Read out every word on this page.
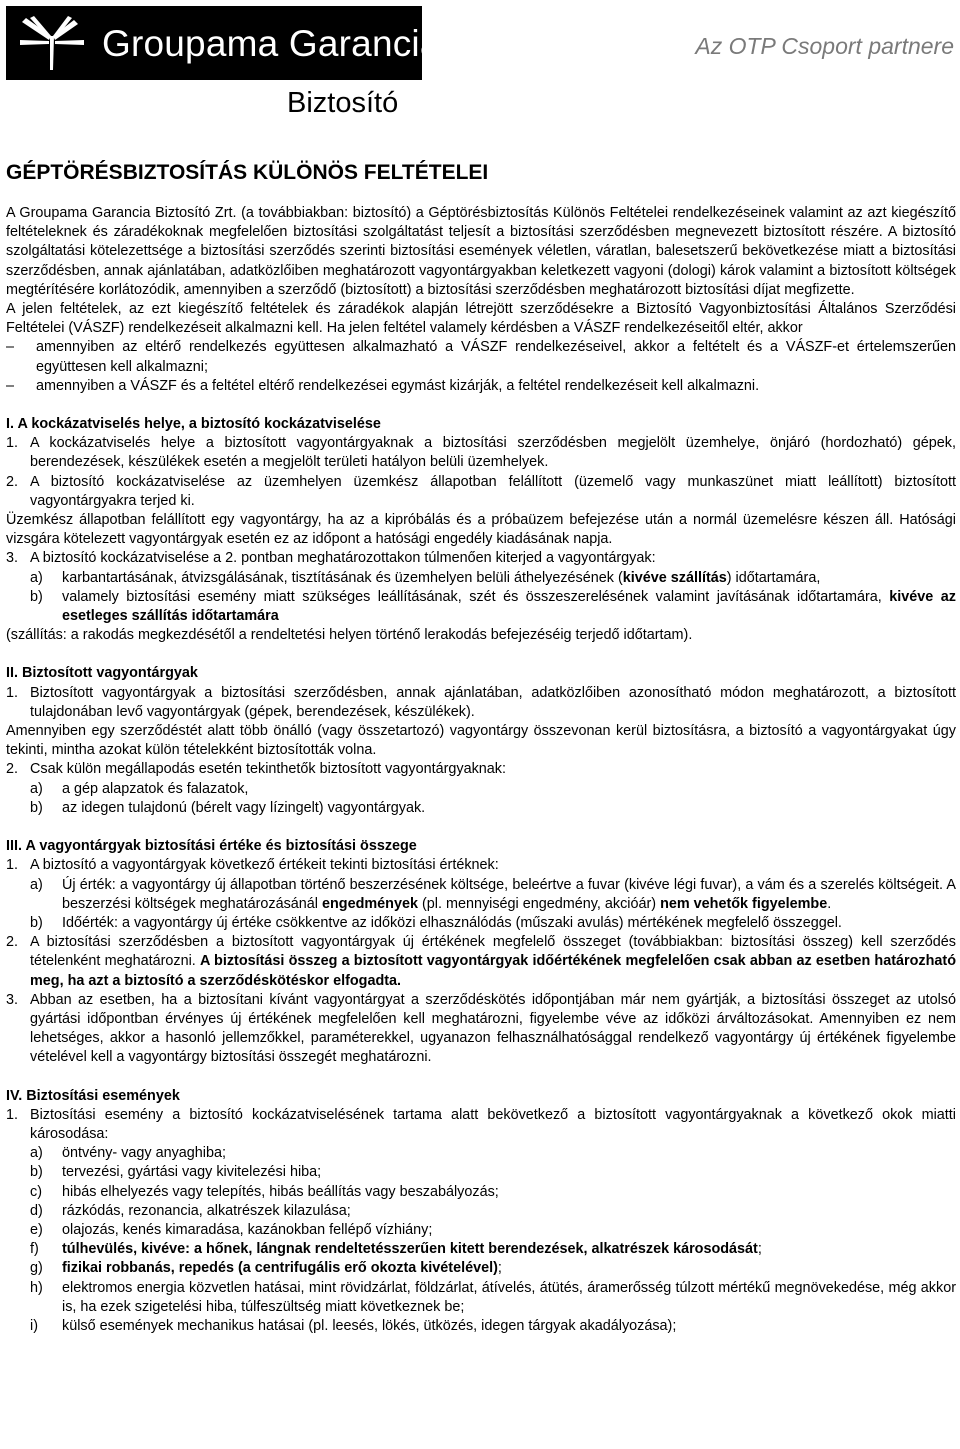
Groupama Garancia	Az OTP Csoport partnere
Biztosító
GÉPTÖRÉSBIZTOSÍTÁS KÜLÖNÖS FELTÉTELEI

A Groupama Garancia Biztosító Zrt. (a továbbiakban: biztosító) a Géptörésbiztosítás Különös Feltételei rendelkezéseinek valamint az azt kiegészítő feltételeknek és záradékoknak megfelelően biztosítási szolgáltatást teljesít a biztosítási szerződésben megnevezett biztosított részére. A biztosító szolgáltatási kötelezettsége a biztosítási szerződés szerinti biztosítási események véletlen, váratlan, balesetszerű bekövetkezése miatt a biztosítási szerződésben, annak ajánlatában, adatközlőiben meghatározott vagyontárgyakban keletkezett vagyoni (dologi) károk valamint a biztosított költségek megtérítésére korlátozódik, amennyiben a szerződő (biztosított) a biztosítási szerződésben meghatározott biztosítási díjat megfizette.

A jelen feltételek, az ezt kiegészítő feltételek és záradékok alapján létrejött szerződésekre a Biztosító Vagyonbiztosítási Általános Szerződési Feltételei (VÁSZF) rendelkezéseit alkalmazni kell. Ha jelen feltétel valamely kérdésben a VÁSZF rendelkezéseitől eltér, akkor

–	amennyiben az eltérő rendelkezés együttesen alkalmazható a VÁSZF rendelkezéseivel, akkor a feltételt és a VÁSZF-et értelemszerűen együttesen kell alkalmazni;
–	amennyiben a VÁSZF és a feltétel eltérő rendelkezései egymást kizárják, a feltétel rendelkezéseit kell alkalmazni.

I. A kockázatviselés helye, a biztosító kockázatviselése

1. A kockázatviselés helye a biztosított vagyontárgyaknak a biztosítási szerződésben megjelölt üzemhelye, önjáró (hordozható) gépek, berendezések, készülékek esetén a megjelölt területi hatályon belüli üzemhelyek.
2. A biztosító kockázatviselése az üzemhelyen üzemkész állapotban felállított (üzemelő vagy munkaszünet miatt leállított) biztosított vagyontárgyakra terjed ki.

Üzemkész állapotban felállított egy vagyontárgy, ha az a kipróbálás és a próbaüzem befejezése után a normál üzemelésre készen áll. Hatósági vizsgára kötelezett vagyontárgyak esetén ez az időpont a hatósági engedély kiadásának napja.

3. A biztosító kockázatviselése a 2. pontban meghatározottakon túlmenően kiterjed a vagyontárgyak:
a)	karbantartásának, átvizsgálásának, tisztításának és üzemhelyen belüli áthelyezésének (kivéve szállítás) időtartamára,
b)	valamely biztosítási esemény miatt szükséges leállításának, szét és összeszerelésének valamint javításának időtartamára, kivéve az esetleges szállítás időtartamára

(szállítás: a rakodás megkezdésétől a rendeltetési helyen történő lerakodás befejezéséig terjedő időtartam).

II. Biztosított vagyontárgyak

1. Biztosított vagyontárgyak a biztosítási szerződésben, annak ajánlatában, adatközlőiben azonosítható módon meghatározott, a biztosított tulajdonában levő vagyontárgyak (gépek, berendezések, készülékek).

Amennyiben egy szerződéstét alatt több önálló (vagy összetartozó) vagyontárgy összevonan kerül biztosításra, a biztosító a vagyontárgyakat úgy tekinti, mintha azokat külön tételekként biztosították volna.

2. Csak külön megállapodás esetén tekinthetők biztosított vagyontárgyaknak:
a)	a gép alapzatok és falazatok,
b)	az idegen tulajdonú (bérelt vagy lízingelt) vagyontárgyak.

III. A vagyontárgyak biztosítási értéke és biztosítási összege

1. A biztosító a vagyontárgyak következő értékeit tekinti biztosítási értéknek:
a)	Új érték: a vagyontárgy új állapotban történő beszerzésének költsége, beleértve a fuvar (kivéve légi fuvar), a vám és a szerelés költségeit. A beszerzési költségek meghatározásánál engedmények (pl. mennyiségi engedmény, akcióár) nem vehetők figyelembe.
b)	Időérték: a vagyontárgy új értéke csökkentve az időközi elhasználódás (műszaki avulás) mértékének megfelelő összeggel.
2. A biztosítási szerződésben a biztosított vagyontárgyak új értékének megfelelő összeget (továbbiakban: biztosítási összeg) kell szerződés tételenként meghatározni. A biztosítási összeg a biztosított vagyontárgyak időértékének megfelelően csak abban az esetben határozható meg, ha azt a biztosító a szerződéskötéskor elfogadta.
3. Abban az esetben, ha a biztosítani kívánt vagyontárgyat a szerződéskötés időpontjában már nem gyártják, a biztosítási összeget az utolsó gyártási időpontban érvényes új értékének megfelelően kell meghatározni, figyelembe véve az időközi árváltozásokat. Amennyiben ez nem lehetséges, akkor a hasonló jellemzőkkel, paraméterekkel, ugyanazon felhasználhatósággal rendelkező vagyontárgy új értékének figyelembe vételével kell a vagyontárgy biztosítási összegét meghatározni.

IV. Biztosítási események

1. Biztosítási esemény a biztosító kockázatviselésének tartama alatt bekövetkező a biztosított vagyontárgyaknak a következő okok miatti károsodása:
a)	öntvény- vagy anyaghiba;
b)	tervezési, gyártási vagy kivitelezési hiba;
c)	hibás elhelyezés vagy telepítés, hibás beállítás vagy beszabályozás;
d)	rázkódás, rezonancia, alkatrészek kilazulása;
e)	olajozás, kenés kimaradása, kazánokban fellépő vízhiány;
f)	túlhevülés, kivéve: a hőnek, lángnak rendeltetésszerűen kitett berendezések, alkatrészek károsodását;
g)	fizikai robbanás, repedés (a centrifugális erő okozta kivételével);
h)	elektromos energia közvetlen hatásai, mint rövidzárlat, földzárlat, átívelés, átütés, áramerősség túlzott mértékű megnövekedése, még akkor is, ha ezek szigetelési hiba, túlfeszültség miatt következnek be;
i)	külső események mechanikus hatásai (pl. leesés, lökés, ütközés, idegen tárgyak akadályozása);
